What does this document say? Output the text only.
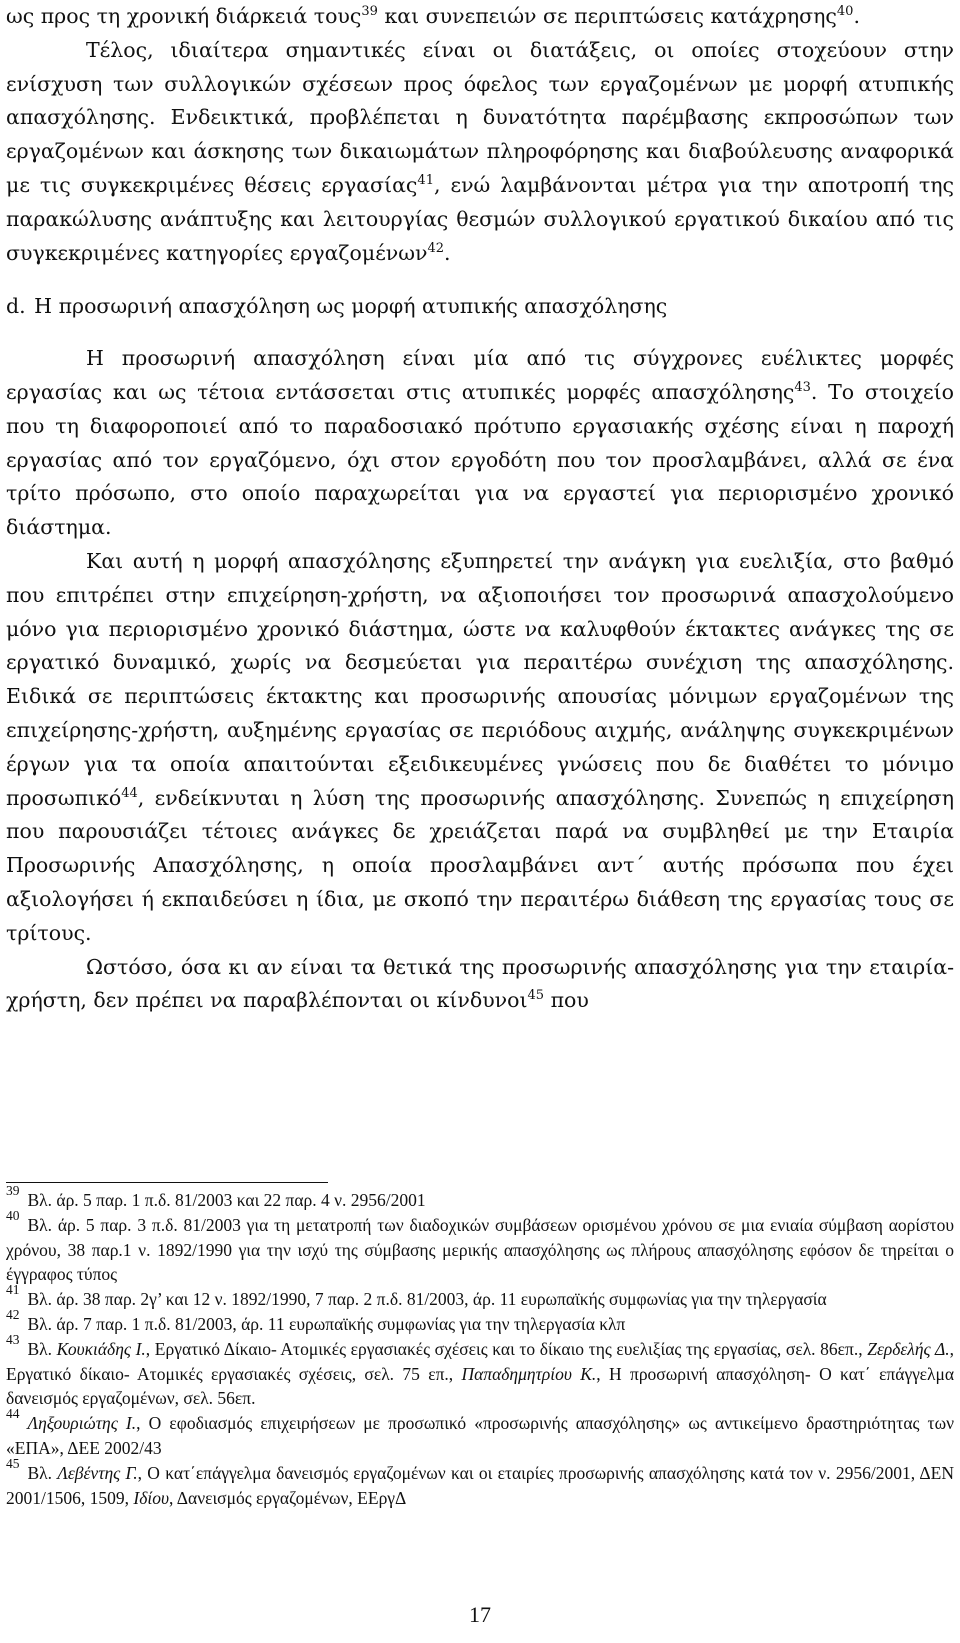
ως προς τη χρονική διάρκειά τους$^{39}$ και συνεπειών σε περιπτώσεις κατάχρησης$^{40}$.

Τέλος, ιδιαίτερα σημαντικές είναι οι διατάξεις, οι οποίες στοχεύουν στην ενίσχυση των συλλογικών σχέσεων προς όφελος των εργαζομένων με μορφή ατυπικής απασχόλησης. Ενδεικτικά, προβλέπεται η δυνατότητα παρέμβασης εκπροσώπων των εργαζομένων και άσκησης των δικαιωμάτων πληροφόρησης και διαβούλευσης αναφορικά με τις συγκεκριμένες θέσεις εργασίας$^{41}$, ενώ λαμβάνονται μέτρα για την αποτροπή της παρακώλυσης ανάπτυξης και λειτουργίας θεσμών συλλογικού εργατικού δικαίου από τις συγκεκριμένες κατηγορίες εργαζομένων$^{42}$.

d. Η προσωρινή απασχόληση ως μορφή ατυπικής απασχόλησης

Η προσωρινή απασχόληση είναι μία από τις σύγχρονες ευέλικτες μορφές εργασίας και ως τέτοια εντάσσεται στις ατυπικές μορφές απασχόλησης$^{43}$. Το στοιχείο που τη διαφοροποιεί από το παραδοσιακό πρότυπο εργασιακής σχέσης είναι η παροχή εργασίας από τον εργαζόμενο, όχι στον εργοδότη που τον προσλαμβάνει, αλλά σε ένα τρίτο πρόσωπο, στο οποίο παραχωρείται για να εργαστεί για περιορισμένο χρονικό διάστημα.

Και αυτή η μορφή απασχόλησης εξυπηρετεί την ανάγκη για ευελιξία, στο βαθμό που επιτρέπει στην επιχείρηση-χρήστη, να αξιοποιήσει τον προσωρινά απασχολούμενο μόνο για περιορισμένο χρονικό διάστημα, ώστε να καλυφθούν έκτακτες ανάγκες της σε εργατικό δυναμικό, χωρίς να δεσμεύεται για περαιτέρω συνέχιση της απασχόλησης. Ειδικά σε περιπτώσεις έκτακτης και προσωρινής απουσίας μόνιμων εργαζομένων της επιχείρησης-χρήστη, αυξημένης εργασίας σε περιόδους αιχμής, ανάληψης συγκεκριμένων έργων για τα οποία απαιτούνται εξειδικευμένες γνώσεις που δε διαθέτει το μόνιμο προσωπικό$^{44}$, ενδείκνυται η λύση της προσωρινής απασχόλησης. Συνεπώς η επιχείρηση που παρουσιάζει τέτοιες ανάγκες δε χρειάζεται παρά να συμβληθεί με την Εταιρία Προσωρινής Απασχόλησης, η οποία προσλαμβάνει αντ΄ αυτής πρόσωπα που έχει αξιολογήσει ή εκπαιδεύσει η ίδια, με σκοπό την περαιτέρω διάθεση της εργασίας τους σε τρίτους.

Ωστόσο, όσα κι αν είναι τα θετικά της προσωρινής απασχόλησης για την εταιρία- χρήστη, δεν πρέπει να παραβλέπονται οι κίνδυνοι$^{45}$ που

$^{39}$ Βλ. άρ. 5 παρ. 1 π.δ. 81/2003 και 22 παρ. 4 ν. 2956/2001

$^{40}$ Βλ. άρ. 5 παρ. 3 π.δ. 81/2003 για τη μετατροπή των διαδοχικών συμβάσεων ορισμένου χρόνου σε μια ενιαία σύμβαση αορίστου χρόνου, 38 παρ.1 ν. 1892/1990 για την ισχύ της σύμβασης μερικής απασχόλησης ως πλήρους απασχόλησης εφόσον δε τηρείται ο έγγραφος τύπος

$^{41}$ Βλ. άρ. 38 παρ. 2γ’ και 12 ν. 1892/1990, 7 παρ. 2 π.δ. 81/2003, άρ. 11 ευρωπαϊκής συμφωνίας για την τηλεργασία

$^{42}$ Βλ. άρ. 7 παρ. 1 π.δ. 81/2003, άρ. 11 ευρωπαϊκής συμφωνίας για την τηλεργασία κλπ

$^{43}$ Βλ. Κουκιάδης Ι., Εργατικό Δίκαιο- Ατομικές εργασιακές σχέσεις και το δίκαιο της ευελιξίας της εργασίας, σελ. 86επ., Ζερδελής Δ., Εργατικό δίκαιο- Ατομικές εργασιακές σχέσεις, σελ. 75 επ., Παπαδημητρίου Κ., Η προσωρινή απασχόληση- Ο κατ΄ επάγγελμα δανεισμός εργαζομένων, σελ. 56επ.

$^{44}$ Ληξουριώτης Ι., Ο εφοδιασμός επιχειρήσεων με προσωπικό «προσωρινής απασχόλησης» ως αντικείμενο δραστηριότητας των «ΕΠΑ», ΔΕΕ 2002/43

$^{45}$ Βλ. Λεβέντης Γ., Ο κατ΄επάγγελμα δανεισμός εργαζομένων και οι εταιρίες προσωρινής απασχόλησης κατά τον ν. 2956/2001, ΔΕΝ 2001/1506, 1509, Ιδίου, Δανεισμός εργαζομένων, ΕΕργΔ

17
